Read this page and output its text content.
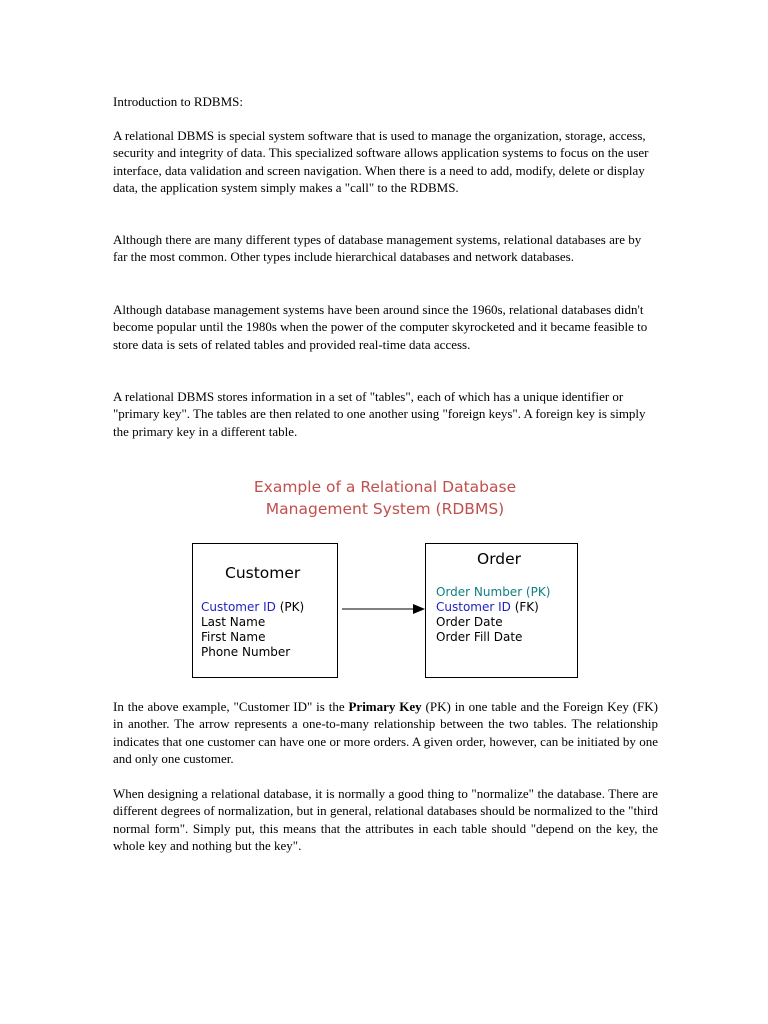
Introduction to RDBMS:

A relational DBMS is special system software that is used to manage the organization, storage, access, security and integrity of data. This specialized software allows application systems to focus on the user interface, data validation and screen navigation. When there is a need to add, modify, delete or display data, the application system simply makes a "call" to the RDBMS.

Although there are many different types of database management systems, relational databases are by far the most common. Other types include hierarchical databases and network databases.

Although database management systems have been around since the 1960s, relational databases didn't become popular until the 1980s when the power of the computer skyrocketed and it became feasible to store data is sets of related tables and provided real-time data access.

A relational DBMS stores information in a set of "tables", each of which has a unique identifier or "primary key". The tables are then related to one another using "foreign keys". A foreign key is simply the primary key in a different table.

Example of a Relational Database
Management System (RDBMS)
Customer
Customer ID (PK)
Last Name
First Name
Phone Number
Order
Order Number (PK)
Customer ID (FK)
Order Date
Order Fill Date

In the above example, "Customer ID" is the Primary Key (PK) in one table and the Foreign Key (FK) in another. The arrow represents a one-to-many relationship between the two tables. The relationship indicates that one customer can have one or more orders. A given order, however, can be initiated by one and only one customer.

When designing a relational database, it is normally a good thing to "normalize" the database. There are different degrees of normalization, but in general, relational databases should be normalized to the "third normal form". Simply put, this means that the attributes in each table should "depend on the key, the whole key and nothing but the key".
